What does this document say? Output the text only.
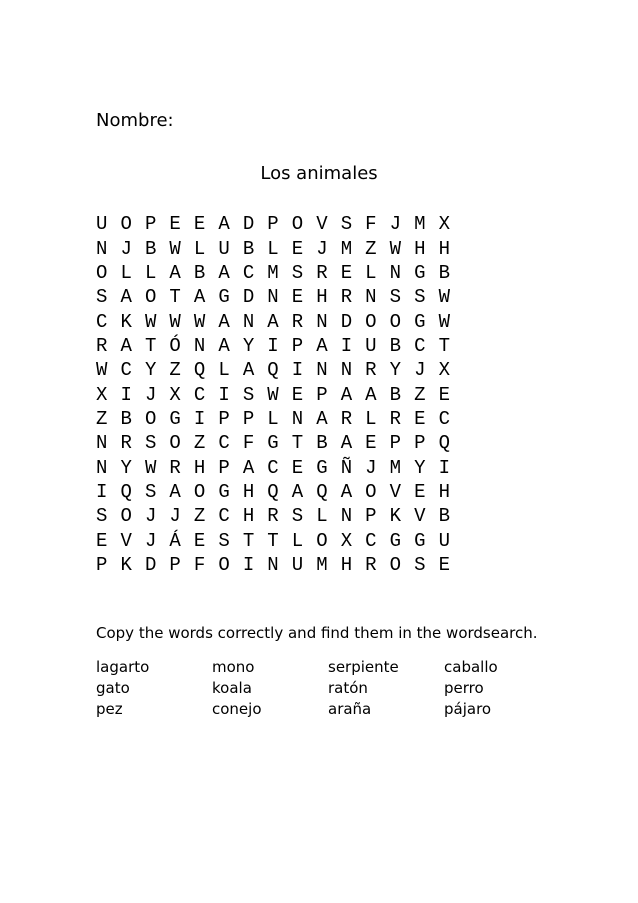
Nombre:
Los animales
U O P E E A D P O V S F J M X
N J B W L U B L E J M Z W H H
O L L A B A C M S R E L N G B
S A O T A G D N E H R N S S W
C K W W W A N A R N D O O G W
R A T Ó N A Y I P A I U B C T
W C Y Z Q L A Q I N N R Y J X
X I J X C I S W E P A A B Z E
Z B O G I P P L N A R L R E C
N R S O Z C F G T B A E P P Q
N Y W R H P A C E G Ñ J M Y I
I Q S A O G H Q A Q A O V E H
S O J J Z C H R S L N P K V B
E V J Á E S T T L O X C G G U
P K D P F O I N U M H R O S E
Copy the words correctly and find them in the wordsearch.
lagarto	mono	serpiente	caballo
gato	koala	ratón	perro
pez	conejo	araña	pájaro
